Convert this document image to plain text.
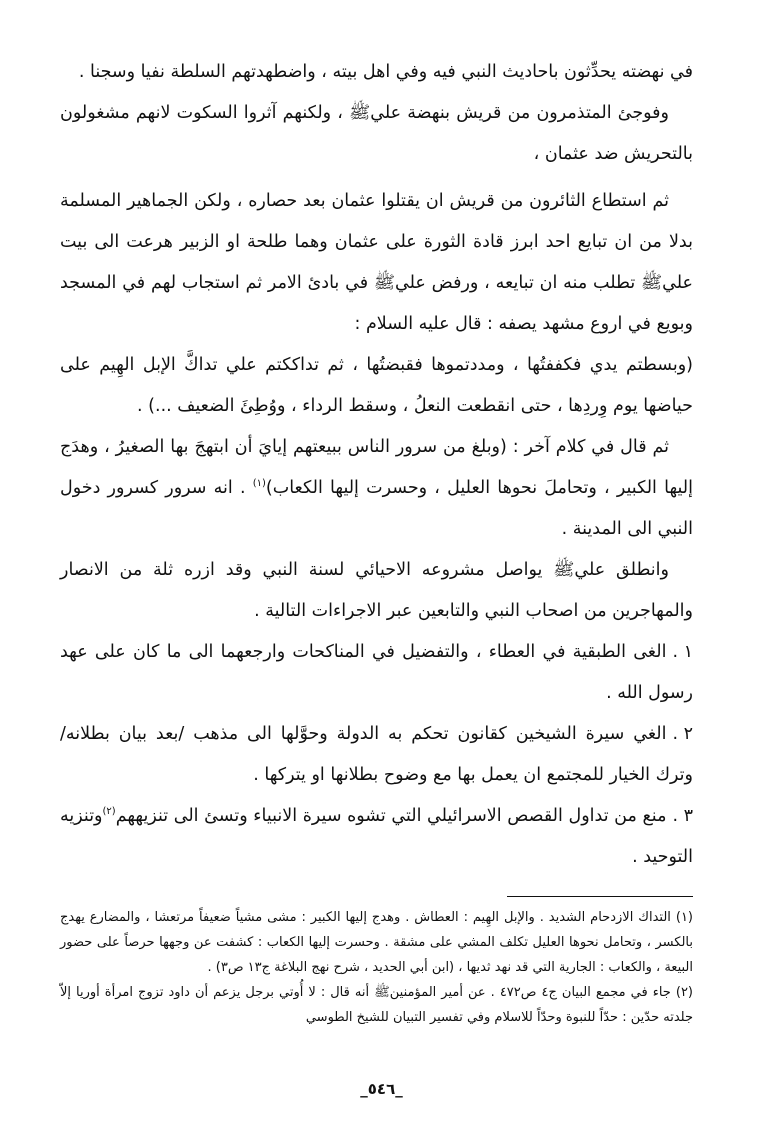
في نهضته يحدِّثون باحاديث النبي فيه وفي اهل بيته ، واضطهدتهم السلطة نفيا وسجنا .

وفوجئ المتذمرون من قريش بنهضة عليﷺ ، ولكنهم آثروا السكوت لانهم مشغولون بالتحريش ضد عثمان ،

ثم استطاع الثائرون من قريش ان يقتلوا عثمان بعد حصاره ، ولكن الجماهير المسلمة بدلا من ان تبايع احد ابرز قادة الثورة على عثمان وهما طلحة او الزبير هرعت الى بيت عليﷺ تطلب منه ان تبايعه ، ورفض عليﷺ في بادئ الامر ثم استجاب لهم في المسجد وبويع في اروع مشهد يصفه : قال عليه السلام :

(وبسطتم يدي فكففتُها ، ومددتموها فقبضتُها ، ثم تداككتم علي تداكَّ الإبل الهِيم على حياضها يوم وِردِها ، حتى انقطعت النعلُ ، وسقط الرداء ، ووُطِئَ الضعيف ...) .

ثم قال في كلام آخر : (وبلغ من سرور الناس ببيعتهم إيايَ أن ابتهجَ بها الصغيرُ ، وهدَج إليها الكبير ، وتحاملَ نحوها العليل ، وحسرت إليها الكعاب)$^{(١)}$ . انه سرور كسرور دخول النبي الى المدينة .

وانطلق عليﷺ يواصل مشروعه الاحيائي لسنة النبي وقد ازره ثلة من الانصار والمهاجرين من اصحاب النبي والتابعين عبر الاجراءات التالية .

١ .الغى الطبقية في العطاء ، والتفضيل في المناكحات وارجعهما الى ما كان على عهد رسول الله .

٢ .الغي سيرة الشيخين كقانون تحكم به الدولة وحوَّلها الى مذهب /بعد بيان بطلانه/ وترك الخيار للمجتمع ان يعمل بها مع وضوح بطلانها او يتركها .

٣ .منع من تداول القصص الاسرائيلي التي تشوه سيرة الانبياء وتسئ الى تنزيههم$^{(٢)}$وتنزيه التوحيد .

(١) التداك الازدحام الشديد . والإبل الهِيم : العطاش . وهدج إليها الكبير : مشى مشياً ضعيفاً مرتعشا ، والمضارع يهدج بالكسر ، وتحامل نحوها العليل تكلف المشي على مشقة . وحسرت إليها الكعاب : كشفت عن وجهها حرصاً على حضور البيعة ، والكعاب : الجارية التي قد نهد ثديها ، (ابن أبي الحديد ، شرح نهج البلاغة ج١٣ ص٣) .

(٢) جاء في مجمع البيان ج٤ ص٤٧٢ . عن أمير المؤمنينﷺ أنه قال : لا أُوتي برجل يزعم أن داود تزوج امرأة أوريا إلاّ جلدته حدّين : حدّاً للنبوة وحدّاً للاسلام وفي تفسير التبيان للشيخ الطوسي

_٥٤٦_
